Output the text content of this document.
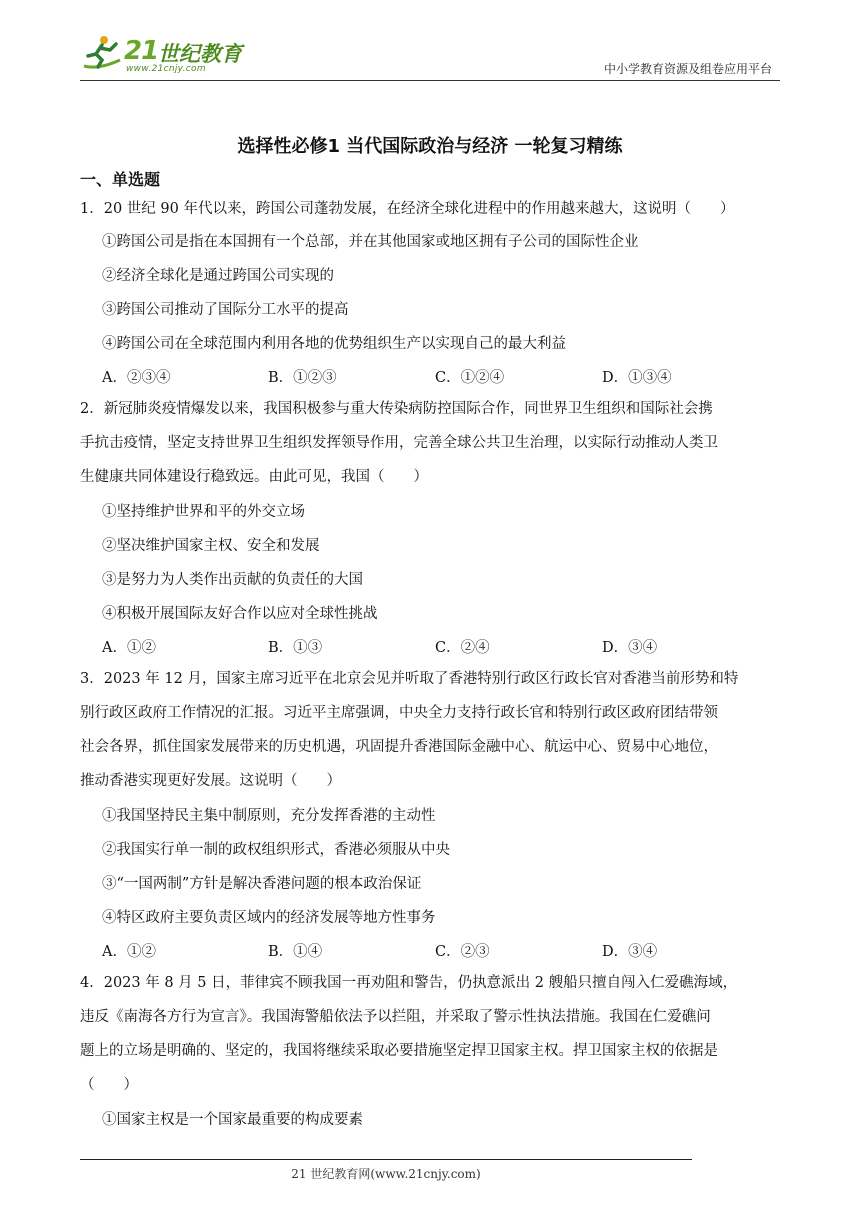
21 世纪教育
www.21cnjy.com	中小学教育资源及组卷应用平台
选择性必修1 当代国际政治与经济 一轮复习精练
一、单选题
1．20 世纪 90 年代以来，跨国公司蓬勃发展，在经济全球化进程中的作用越来越大，这说明（　　）
①跨国公司是指在本国拥有一个总部，并在其他国家或地区拥有子公司的国际性企业
②经济全球化是通过跨国公司实现的
③跨国公司推动了国际分工水平的提高
④跨国公司在全球范围内利用各地的优势组织生产以实现自己的最大利益
A．②③④	B．①②③	C．①②④	D．①③④
2．新冠肺炎疫情爆发以来，我国积极参与重大传染病防控国际合作，同世界卫生组织和国际社会携
手抗击疫情，坚定支持世界卫生组织发挥领导作用，完善全球公共卫生治理，以实际行动推动人类卫
生健康共同体建设行稳致远。由此可见，我国（　　）
①坚持维护世界和平的外交立场
②坚决维护国家主权、安全和发展
③是努力为人类作出贡献的负责任的大国
④积极开展国际友好合作以应对全球性挑战
A．①②	B．①③	C．②④	D．③④
3．2023 年 12 月，国家主席习近平在北京会见并听取了香港特别行政区行政长官对香港当前形势和特
别行政区政府工作情况的汇报。习近平主席强调，中央全力支持行政长官和特别行政区政府团结带领
社会各界，抓住国家发展带来的历史机遇，巩固提升香港国际金融中心、航运中心、贸易中心地位，
推动香港实现更好发展。这说明（　　）
①我国坚持民主集中制原则，充分发挥香港的主动性
②我国实行单一制的政权组织形式，香港必须服从中央
③“一国两制”方针是解决香港问题的根本政治保证
④特区政府主要负责区域内的经济发展等地方性事务
A．①②	B．①④	C．②③	D．③④
4．2023 年 8 月 5 日，菲律宾不顾我国一再劝阻和警告，仍执意派出 2 艘船只擅自闯入仁爱礁海域，
违反《南海各方行为宣言》。我国海警船依法予以拦阻，并采取了警示性执法措施。我国在仁爱礁问
题上的立场是明确的、坚定的，我国将继续采取必要措施坚定捍卫国家主权。捍卫国家主权的依据是
（　　）
①国家主权是一个国家最重要的构成要素
21 世纪教育网(www.21cnjy.com)
